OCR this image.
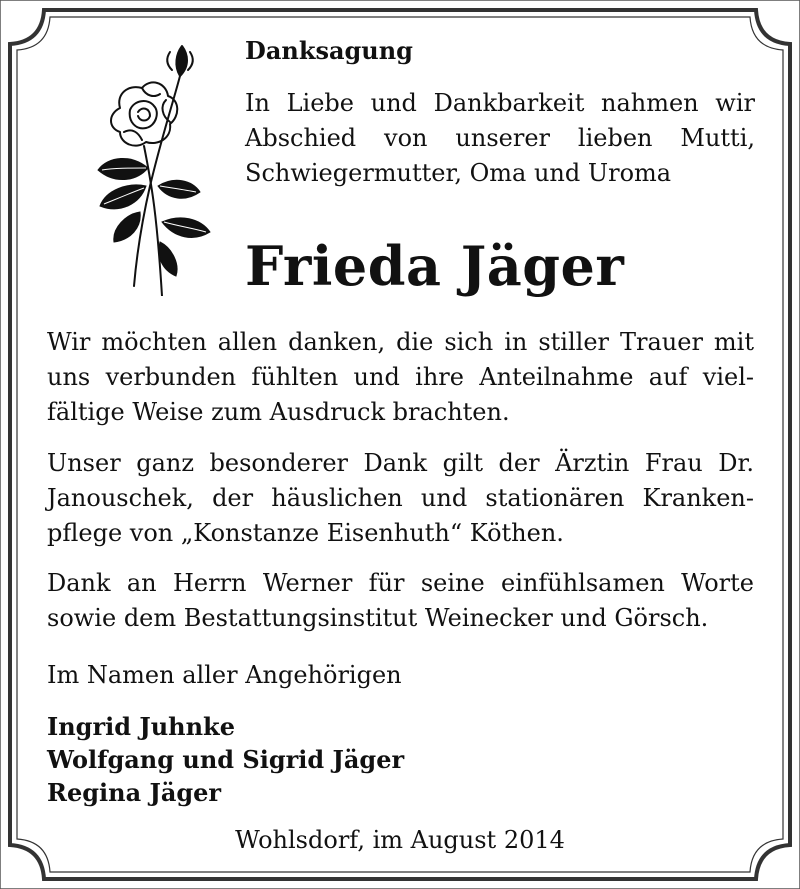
Danksagung
In Liebe und Dankbarkeit nahmen wir
Abschied von unserer lieben Mutti,
Schwiegermutter, Oma und Uroma
Frieda Jäger
Wir möchten allen danken, die sich in stiller Trauer mit
uns verbunden fühlten und ihre Anteilnahme auf viel-
fältige Weise zum Ausdruck brachten.
Unser ganz besonderer Dank gilt der Ärztin Frau Dr.
Janouschek, der häuslichen und stationären Kranken-
pflege von „Konstanze Eisenhuth“ Köthen.
Dank an Herrn Werner für seine einfühlsamen Worte
sowie dem Bestattungsinstitut Weinecker und Görsch.
Im Namen aller Angehörigen
Ingrid Juhnke
Wolfgang und Sigrid Jäger
Regina Jäger
Wohlsdorf, im August 2014
